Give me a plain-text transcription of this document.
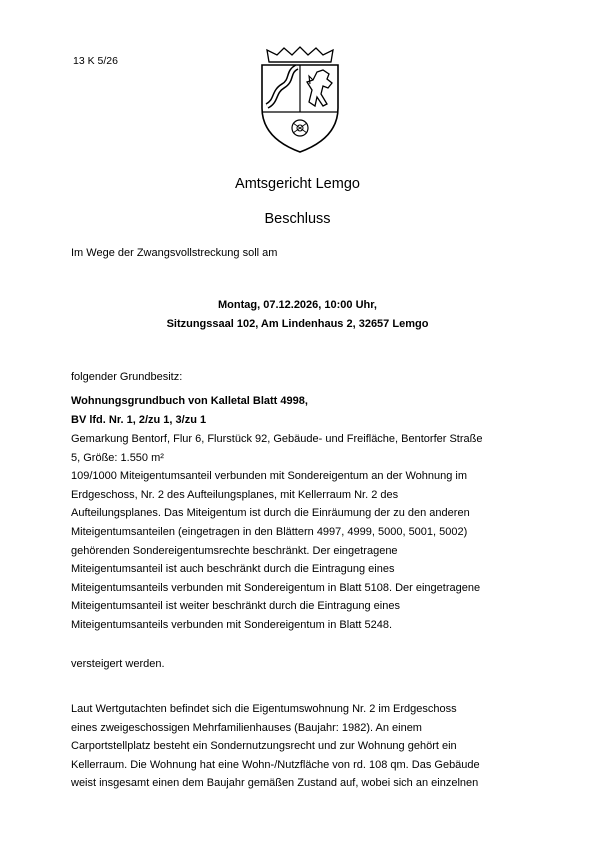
13 K 5/26
Amtsgericht Lemgo
Beschluss
Im Wege der Zwangsvollstreckung soll am
Montag, 07.12.2026, 10:00 Uhr,
Sitzungssaal 102, Am Lindenhaus 2, 32657 Lemgo
folgender Grundbesitz:
Wohnungsgrundbuch von Kalletal Blatt 4998,
BV lfd. Nr. 1, 2/zu 1, 3/zu 1
Gemarkung Bentorf, Flur 6, Flurstück 92, Gebäude- und Freifläche, Bentorfer Straße
5, Größe: 1.550 m²
109/1000 Miteigentumsanteil verbunden mit Sondereigentum an der Wohnung im
Erdgeschoss, Nr. 2 des Aufteilungsplanes, mit Kellerraum Nr. 2 des
Aufteilungsplanes. Das Miteigentum ist durch die Einräumung der zu den anderen
Miteigentumsanteilen (eingetragen in den Blättern 4997, 4999, 5000, 5001, 5002)
gehörenden Sondereigentumsrechte beschränkt. Der eingetragene
Miteigentumsanteil ist auch beschränkt durch die Eintragung eines
Miteigentumsanteils verbunden mit Sondereigentum in Blatt 5108. Der eingetragene
Miteigentumsanteil ist weiter beschränkt durch die Eintragung eines
Miteigentumsanteils verbunden mit Sondereigentum in Blatt 5248.
versteigert werden.
Laut Wertgutachten befindet sich die Eigentumswohnung Nr. 2 im Erdgeschoss
eines zweigeschossigen Mehrfamilienhauses (Baujahr: 1982). An einem
Carportstellplatz besteht ein Sondernutzungsrecht und zur Wohnung gehört ein
Kellerraum. Die Wohnung hat eine Wohn-/Nutzfläche von rd. 108 qm. Das Gebäude
weist insgesamt einen dem Baujahr gemäßen Zustand auf, wobei sich an einzelnen
